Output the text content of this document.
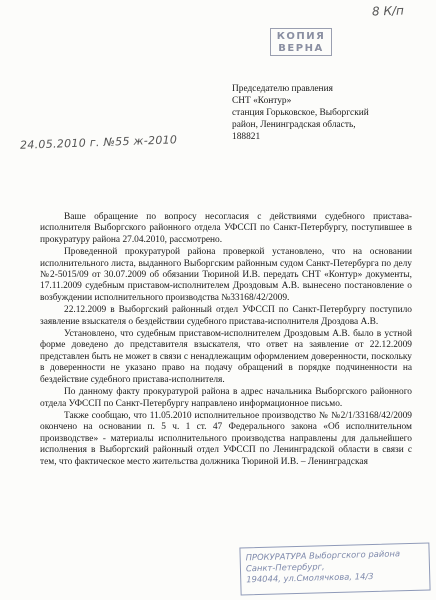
8 К/п
КОПИЯ
ВЕРНА
Председателю правления
СНТ «Контур»
станция Горьковское, Выборгский
район, Ленинградская область,
188821
24.05.2010 г. №55 ж-2010

Ваше обращение по вопросу несогласия с действиями судебного пристава-исполнителя Выборгского районного отдела УФССП по Санкт-Петербургу, поступившее в прокуратуру района 27.04.2010, рассмотрено.

Проведенной прокуратурой района проверкой установлено, что на основании исполнительного листа, выданного Выборгским районным судом Санкт-Петербурга по делу №2-5015/09 от 30.07.2009 об обязании Тюриной И.В. передать СНТ «Контур» документы, 17.11.2009 судебным приставом-исполнителем Дроздовым А.В. вынесено постановление о возбуждении исполнительного производства №33168/42/2009.

22.12.2009 в Выборгский районный отдел УФССП по Санкт-Петербургу поступило заявление взыскателя о бездействии судебного пристава-исполнителя Дроздова А.В.

Установлено, что судебным приставом-исполнителем Дроздовым А.В. было в устной форме доведено до представителя взыскателя, что ответ на заявление от 22.12.2009 представлен быть не может в связи с ненадлежащим оформлением доверенности, поскольку в доверенности не указано право на подачу обращений в порядке подчиненности на бездействие судебного пристава-исполнителя.

По данному факту прокуратурой района в адрес начальника Выборгского районного отдела УФССП по Санкт-Петербургу направлено информационное письмо.

Также сообщаю, что 11.05.2010 исполнительное производство № №2/1/33168/42/2009 окончено на основании п. 5 ч. 1 ст. 47 Федерального закона «Об исполнительном производстве» - материалы исполнительного производства направлены для дальнейшего исполнения в Выборгский районный отдел УФССП по Ленинградской области в связи с тем, что фактическое место жительства должника Тюриной И.В. – Ленинградская

ПРОКУРАТУРА Выборгского района
Санкт-Петербург,
194044, ул.Смолячкова, 14/3
